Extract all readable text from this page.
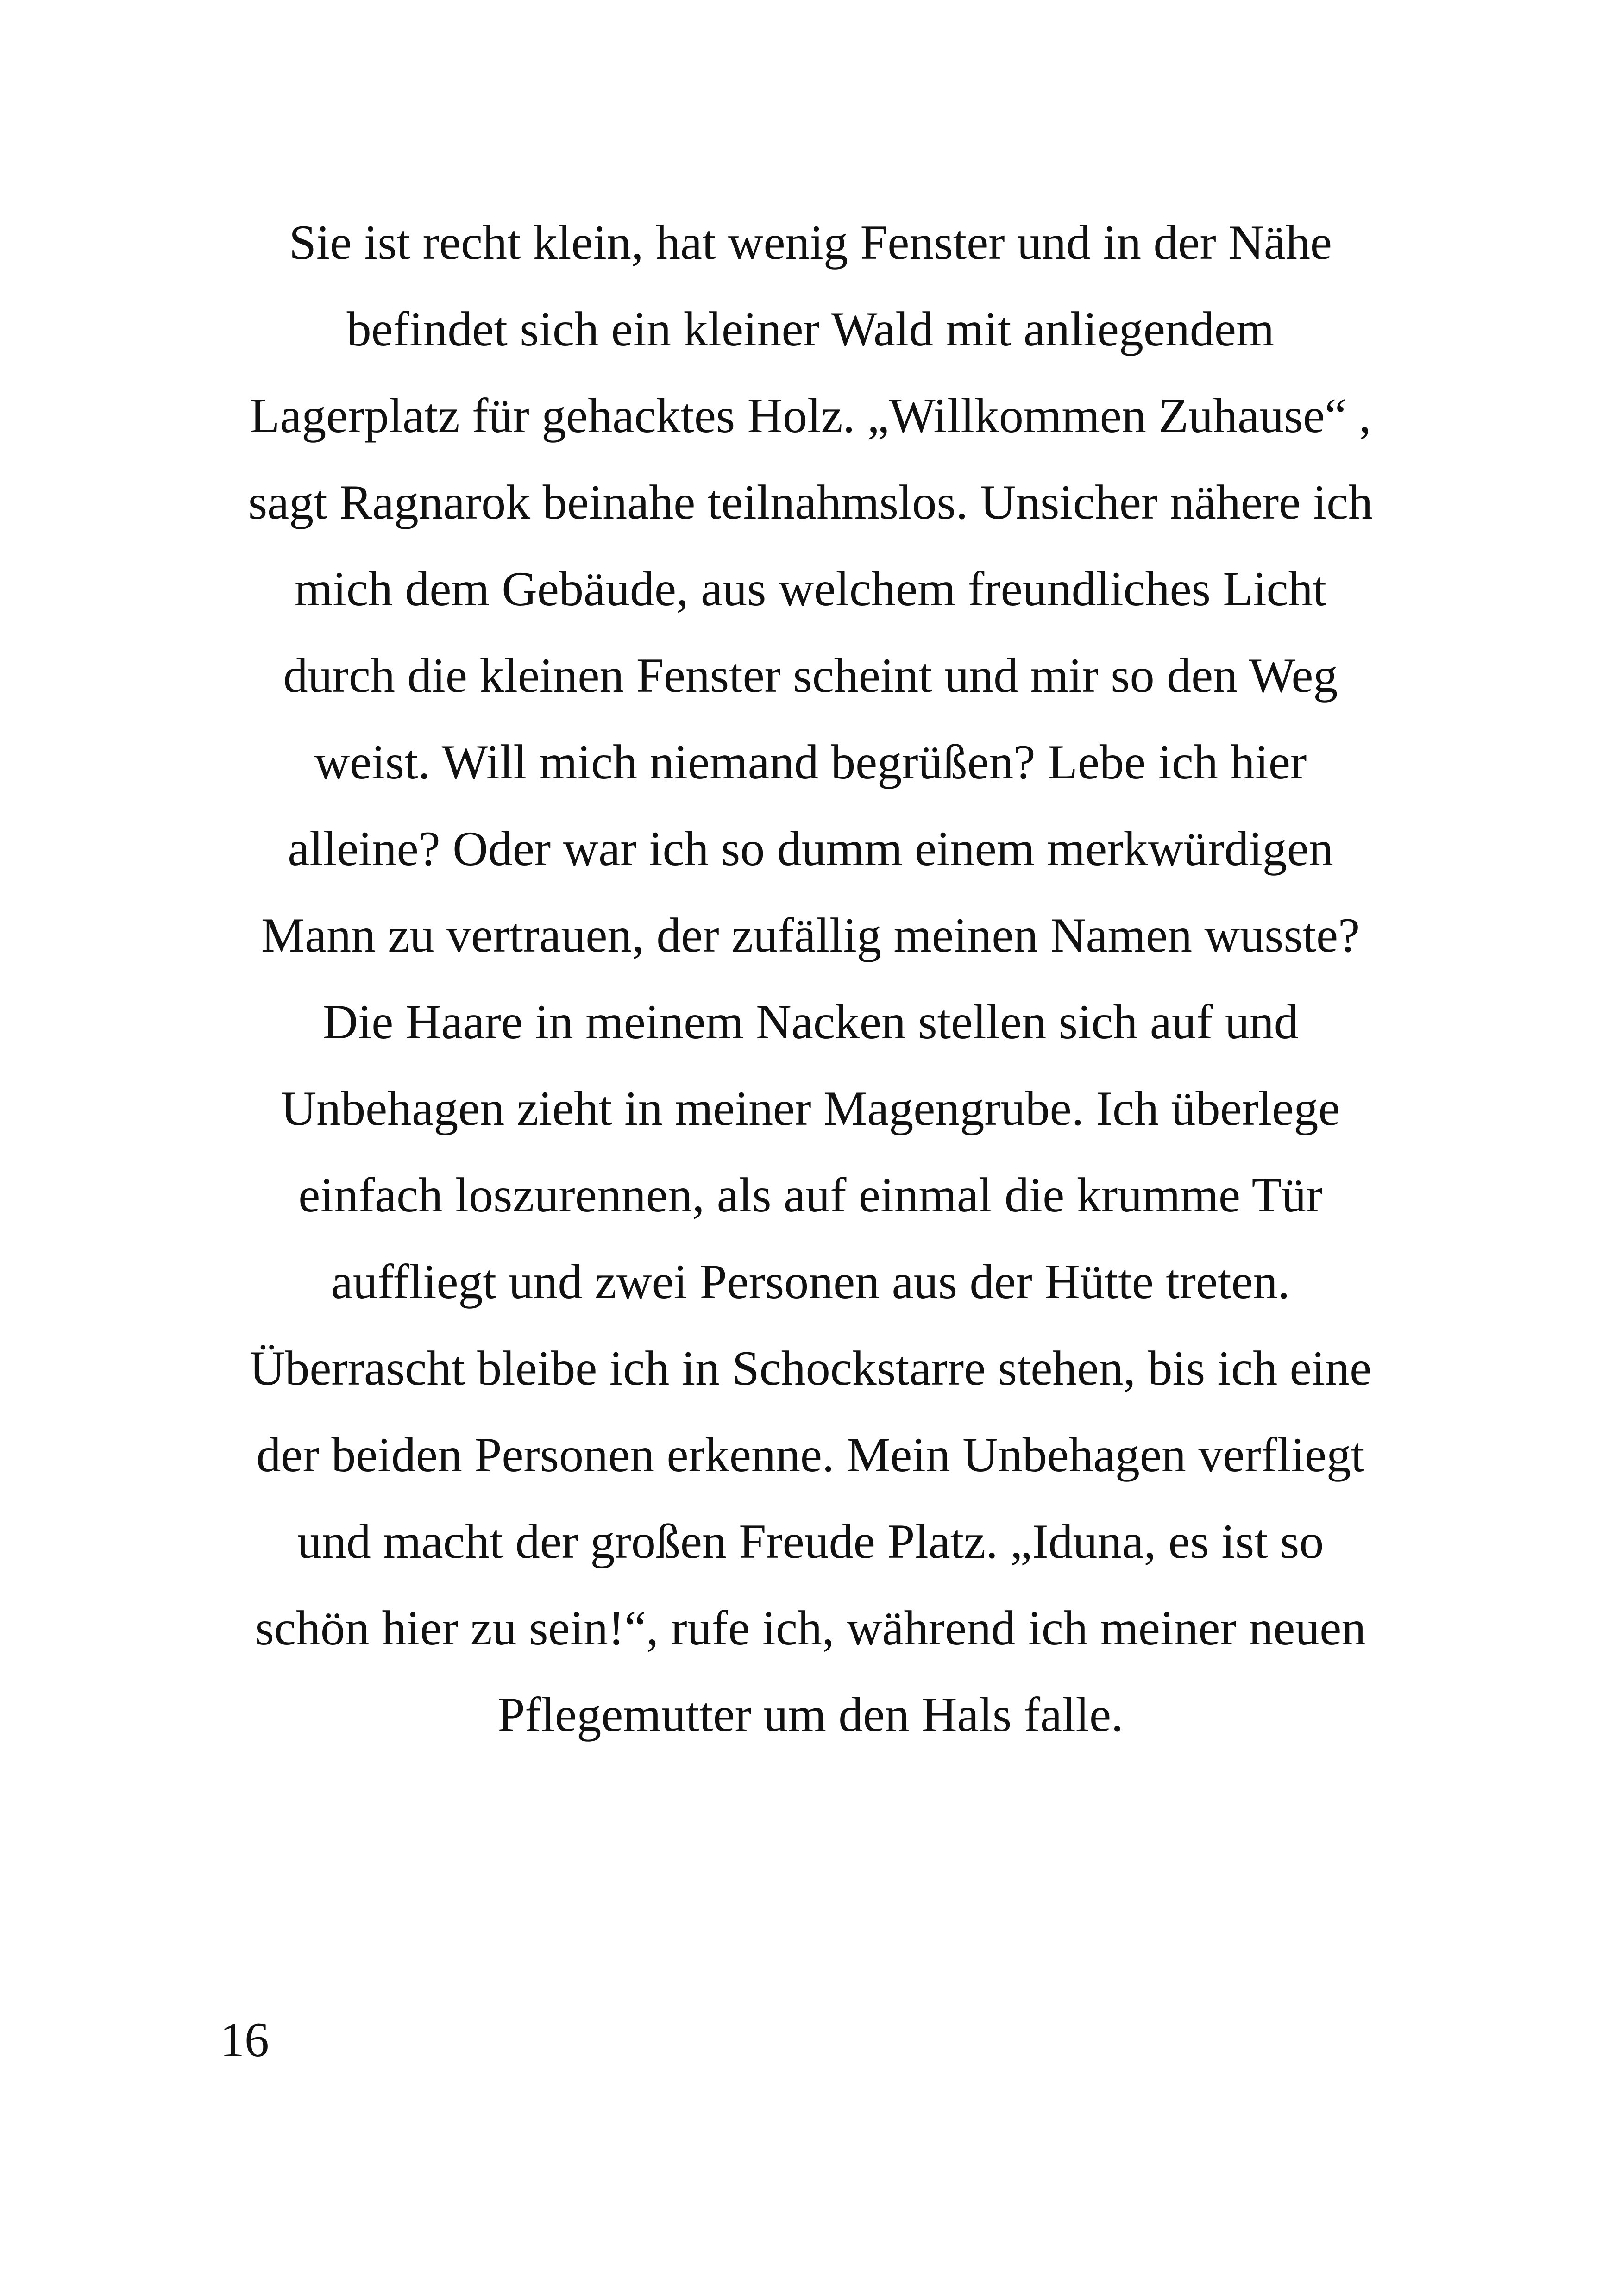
Sie ist recht klein, hat wenig Fenster und in der Nähe
befindet sich ein kleiner Wald mit anliegendem
Lagerplatz für gehacktes Holz. „Willkommen Zuhause“ ,
sagt Ragnarok beinahe teilnahmslos. Unsicher nähere ich
mich dem Gebäude, aus welchem freundliches Licht
durch die kleinen Fenster scheint und mir so den Weg
weist. Will mich niemand begrüßen? Lebe ich hier
alleine? Oder war ich so dumm einem merkwürdigen
Mann zu vertrauen, der zufällig meinen Namen wusste?
Die Haare in meinem Nacken stellen sich auf und
Unbehagen zieht in meiner Magengrube. Ich überlege
einfach loszurennen, als auf einmal die krumme Tür
auffliegt und zwei Personen aus der Hütte treten.
Überrascht bleibe ich in Schockstarre stehen, bis ich eine
der beiden Personen erkenne. Mein Unbehagen verfliegt
und macht der großen Freude Platz. „Iduna, es ist so
schön hier zu sein!“, rufe ich, während ich meiner neuen
Pflegemutter um den Hals falle.

16
